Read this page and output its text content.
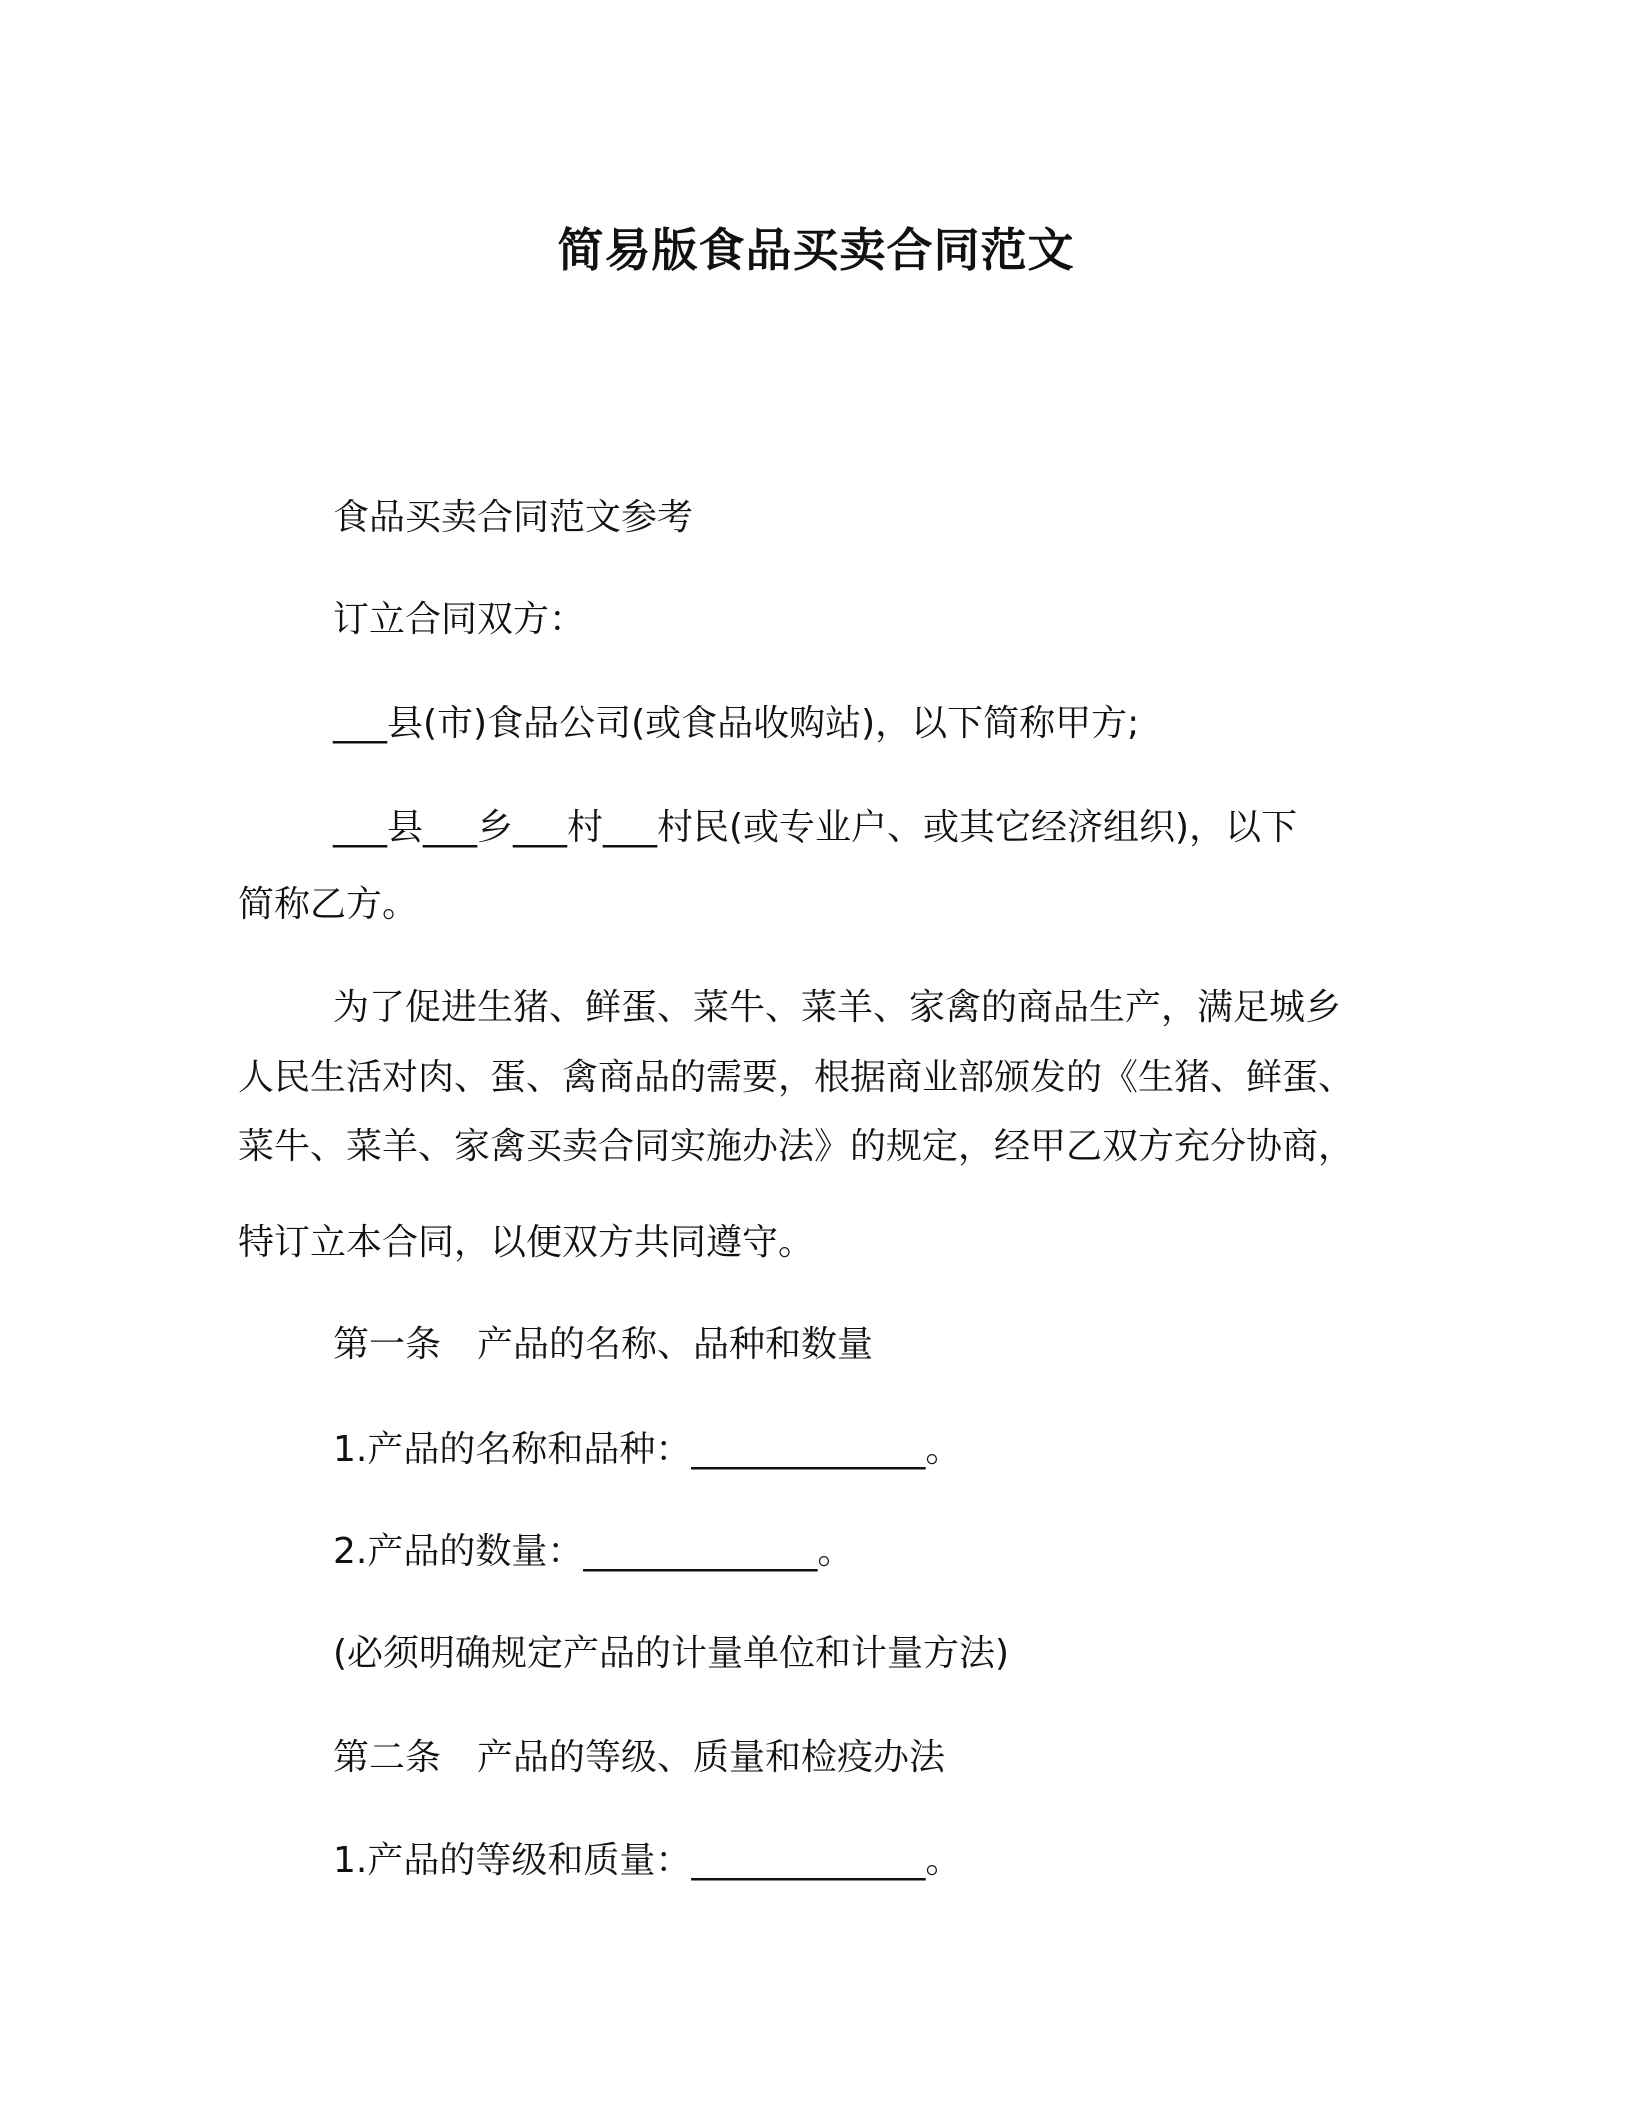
简易版食品买卖合同范文
食品买卖合同范文参考
订立合同双方：
___县(市)食品公司(或食品收购站)，以下简称甲方;
___县___乡___村___村民(或专业户、或其它经济组织)，以下
简称乙方。
为了促进生猪、鲜蛋、菜牛、菜羊、家禽的商品生产，满足城乡
人民生活对肉、蛋、禽商品的需要，根据商业部颁发的《生猪、鲜蛋、
菜牛、菜羊、家禽买卖合同实施办法》的规定，经甲乙双方充分协商，
特订立本合同，以便双方共同遵守。
第一条　产品的名称、品种和数量
1.产品的名称和品种：_____________。
2.产品的数量：_____________。
(必须明确规定产品的计量单位和计量方法)
第二条　产品的等级、质量和检疫办法
1.产品的等级和质量：_____________。
